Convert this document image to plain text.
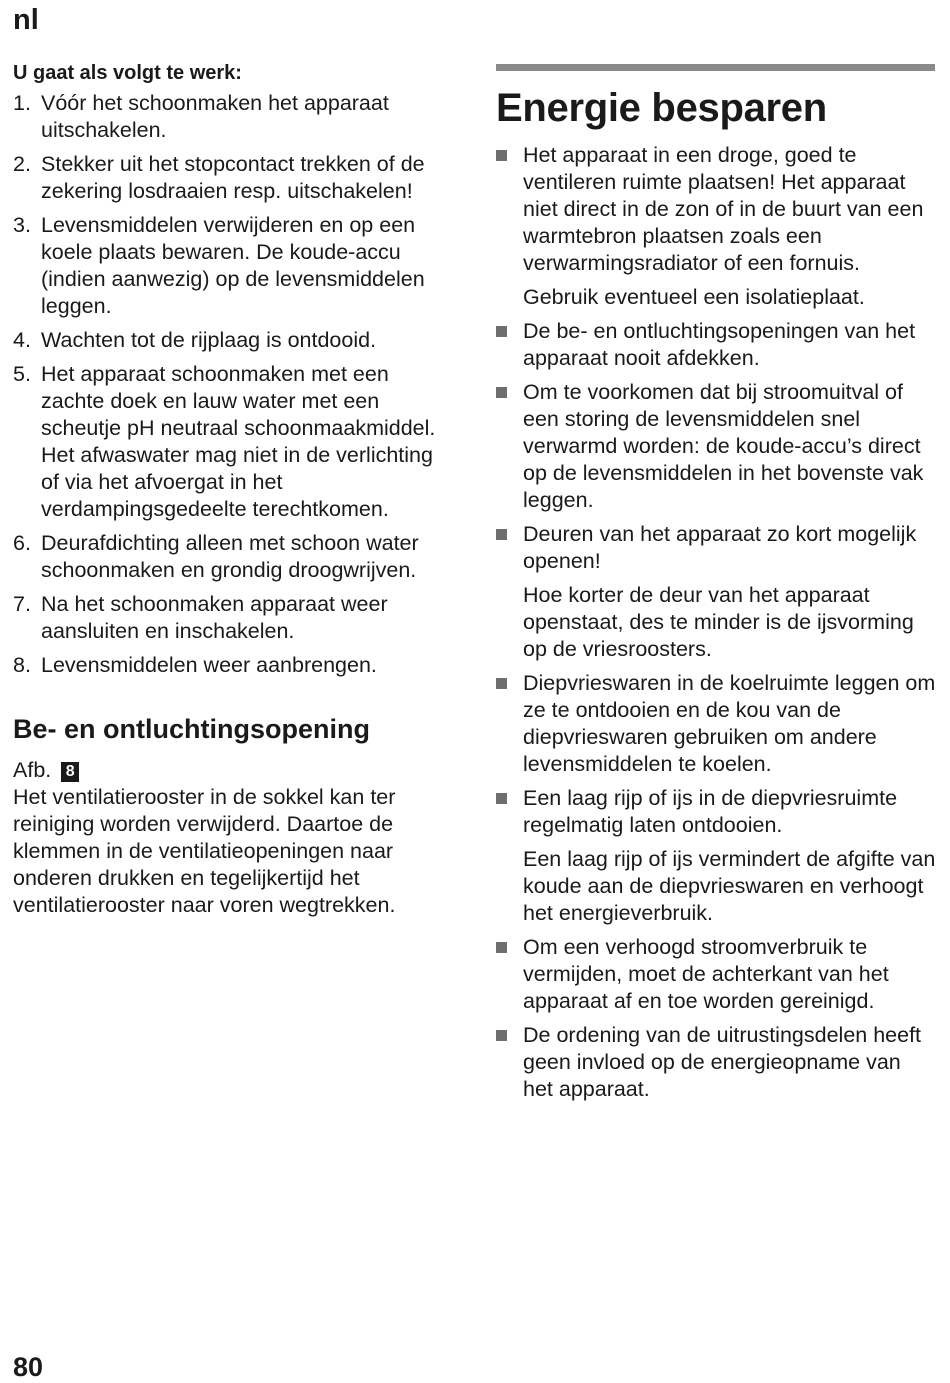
nl

U gaat als volgt te werk:

1. Vóór het schoonmaken het apparaat uitschakelen.
2. Stekker uit het stopcontact trekken of de zekering losdraaien resp. uitschakelen!
3. Levensmiddelen verwijderen en op een koele plaats bewaren. De koude-accu (indien aanwezig) op de levensmiddelen leggen.
4. Wachten tot de rijplaag is ontdooid.
5. Het apparaat schoonmaken met een zachte doek en lauw water met een scheutje pH neutraal schoonmaakmiddel. Het afwaswater mag niet in de verlichting of via het afvoergat in het verdampingsgedeelte terechtkomen.
6. Deurafdichting alleen met schoon water schoonmaken en grondig droogwrijven.
7. Na het schoonmaken apparaat weer aansluiten en inschakelen.
8. Levensmiddelen weer aanbrengen.
Be- en ontluchtingsopening

Afb. 8

Het ventilatierooster in de sokkel kan ter reiniging worden verwijderd. Daartoe de klemmen in de ventilatieopeningen naar onderen drukken en tegelijkertijd het ventilatierooster naar voren wegtrekken.

Energie besparen
Het apparaat in een droge, goed te ventileren ruimte plaatsen! Het apparaat niet direct in de zon of in de buurt van een warmtebron plaatsen zoals een verwarmingsradiator of een fornuis.
Gebruik eventueel een isolatieplaat.
De be- en ontluchtingsopeningen van het apparaat nooit afdekken.
Om te voorkomen dat bij stroomuitval of een storing de levensmiddelen snel verwarmd worden: de koude-accu’s direct op de levensmiddelen in het bovenste vak leggen.
Deuren van het apparaat zo kort mogelijk openen!
Hoe korter de deur van het apparaat openstaat, des te minder is de ijsvorming op de vriesroosters.
Diepvrieswaren in de koelruimte leggen om ze te ontdooien en de kou van de diepvrieswaren gebruiken om andere levensmiddelen te koelen.
Een laag rijp of ijs in de diepvriesruimte regelmatig laten ontdooien.
Een laag rijp of ijs vermindert de afgifte van koude aan de diepvrieswaren en verhoogt het energieverbruik.
Om een verhoogd stroomverbruik te vermijden, moet de achterkant van het apparaat af en toe worden gereinigd.
De ordening van de uitrustingsdelen heeft geen invloed op de energieopname van het apparaat.
80
